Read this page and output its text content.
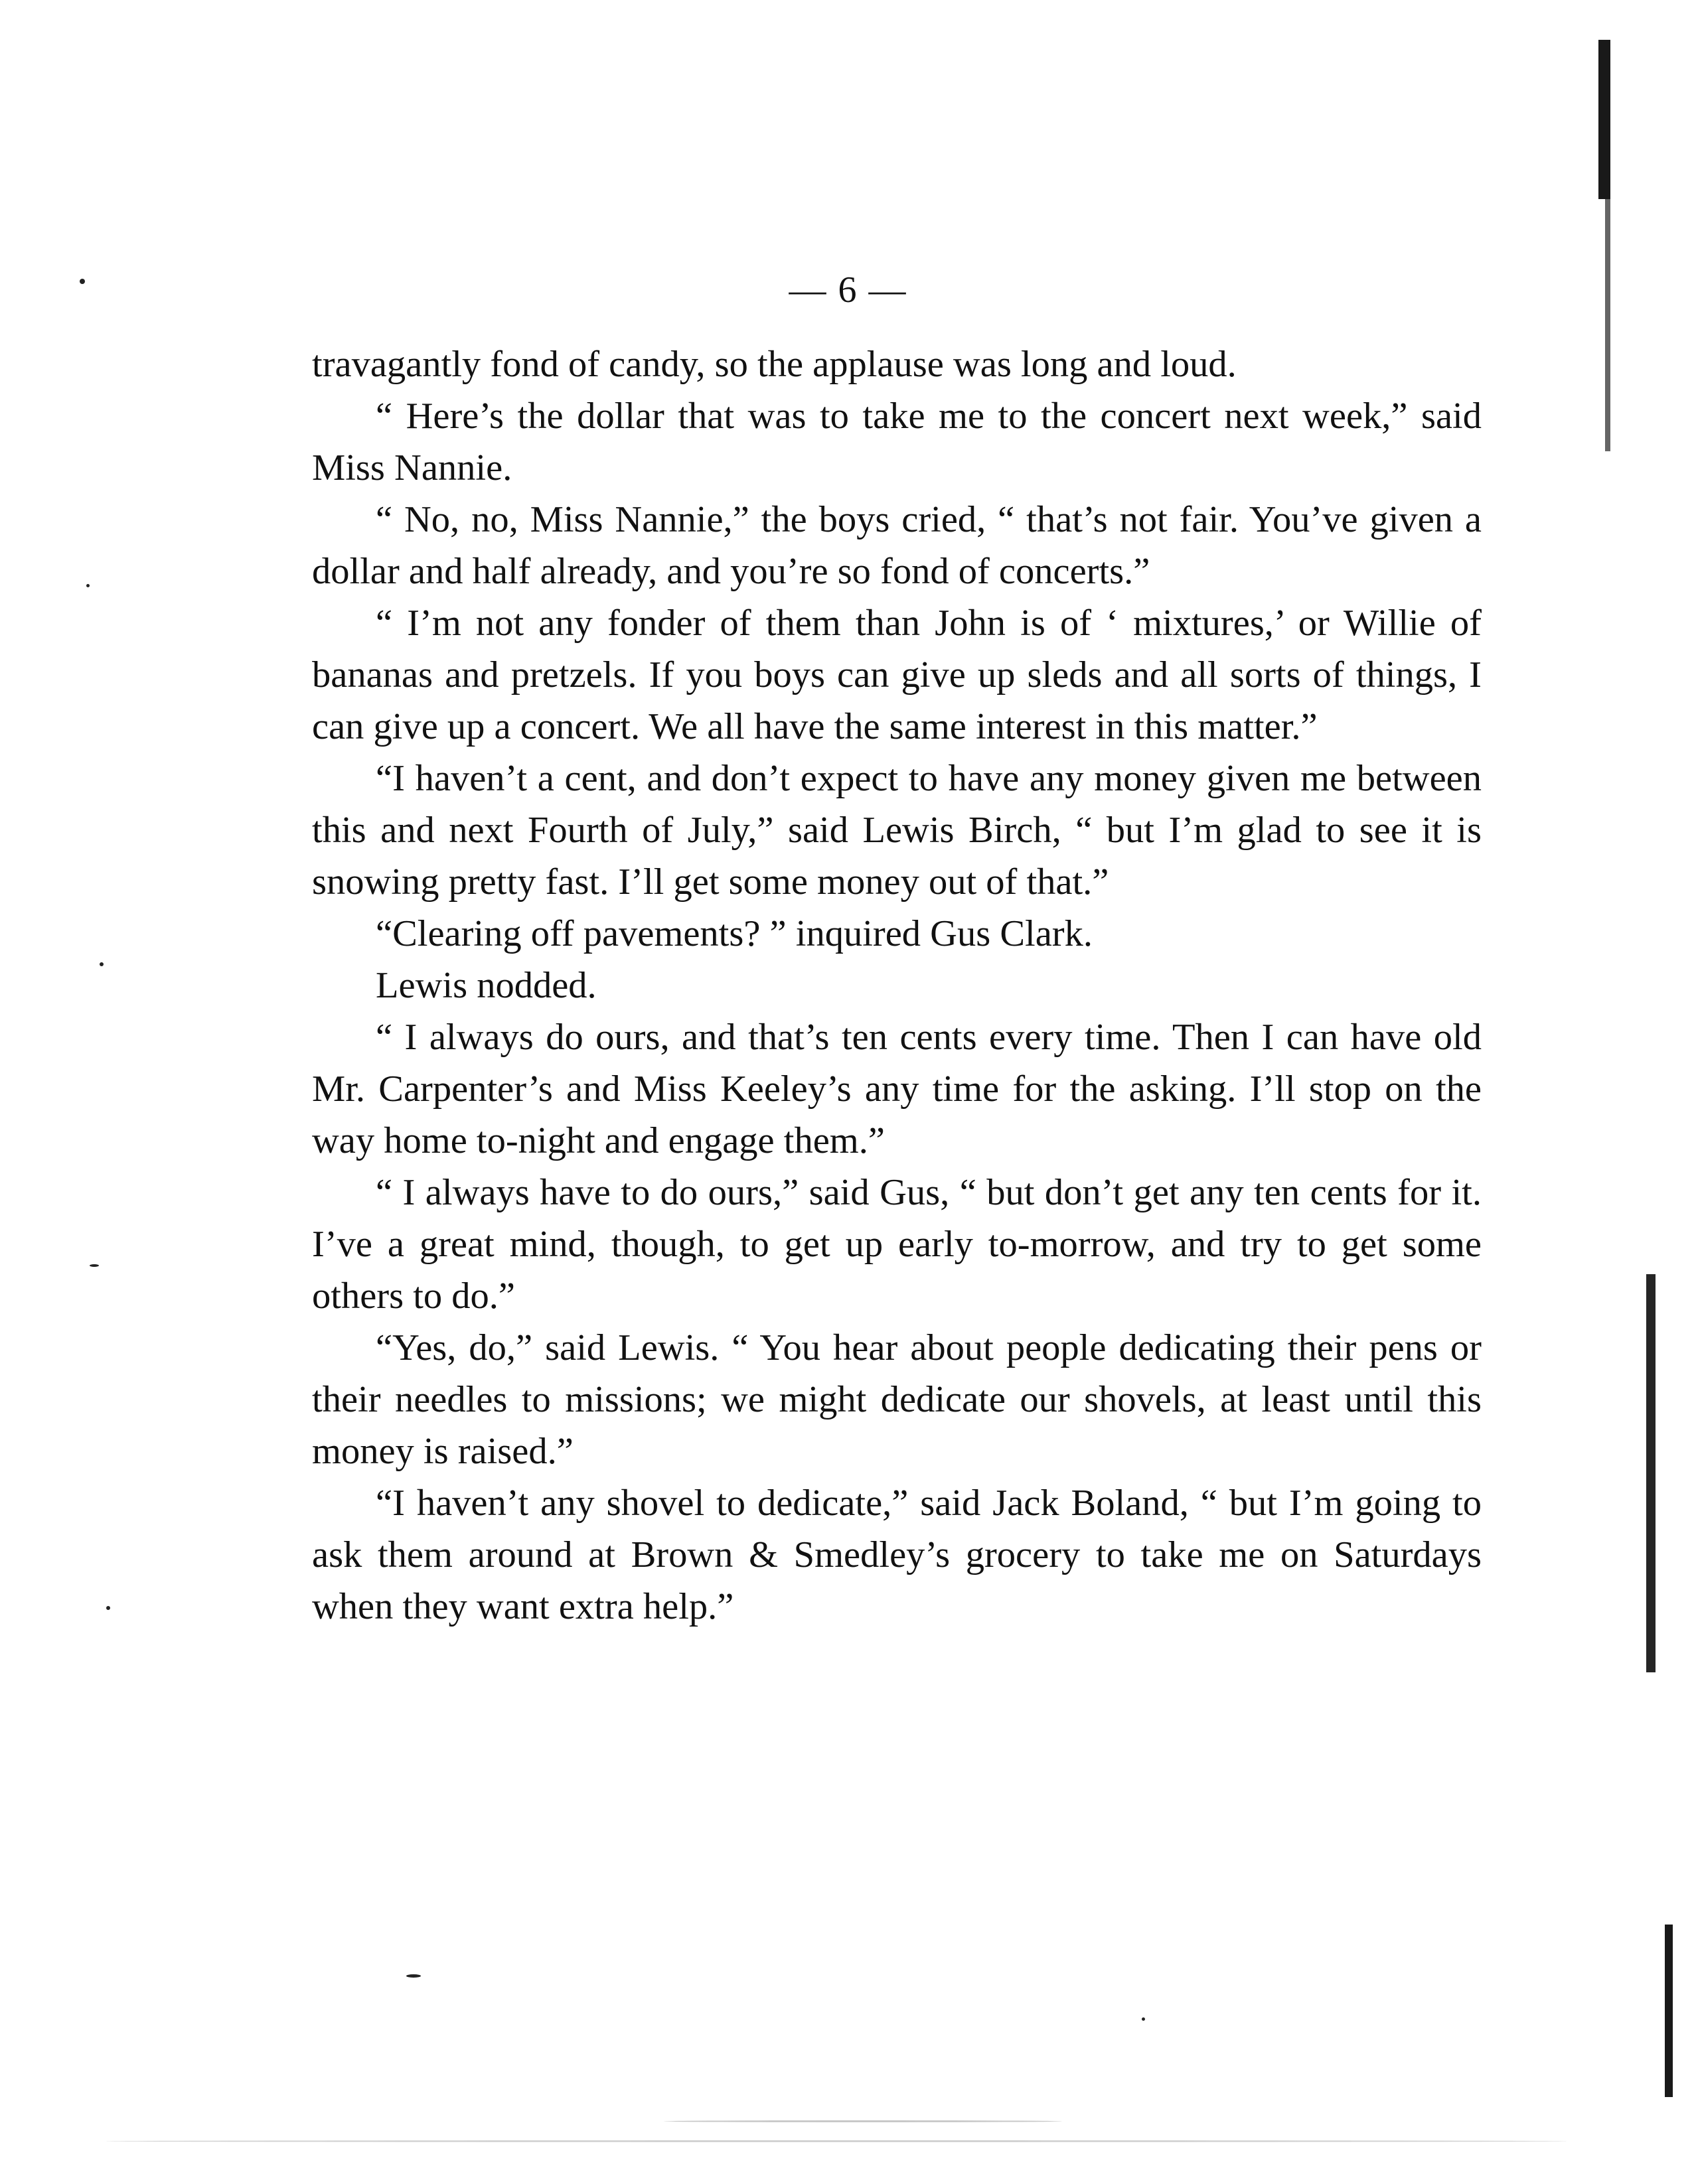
— 6 —

travagantly fond of candy, so the applause was long and loud.

“ Here’s the dollar that was to take me to the concert next week,” said Miss Nannie.

“ No, no, Miss Nannie,” the boys cried, “ that’s not fair. You’ve given a dollar and half already, and you’re so fond of concerts.”

“ I’m not any fonder of them than John is of ‘ mixtures,’ or Willie of bananas and pretzels. If you boys can give up sleds and all sorts of things, I can give up a concert. We all have the same interest in this matter.”

“I haven’t a cent, and don’t expect to have any money given me between this and next Fourth of July,” said Lewis Birch, “ but I’m glad to see it is snowing pretty fast. I’ll get some money out of that.”

“Clearing off pavements? ” inquired Gus Clark.

Lewis nodded.

“ I always do ours, and that’s ten cents every time. Then I can have old Mr. Carpenter’s and Miss Keeley’s any time for the asking. I’ll stop on the way home to-night and engage them.”

“ I always have to do ours,” said Gus, “ but don’t get any ten cents for it. I’ve a great mind, though, to get up early to-morrow, and try to get some others to do.”

“Yes, do,” said Lewis. “ You hear about people dedicating their pens or their needles to missions; we might dedicate our shovels, at least until this money is raised.”

“I haven’t any shovel to dedicate,” said Jack Boland, “ but I’m going to ask them around at Brown & Smedley’s grocery to take me on Saturdays when they want extra help.”
